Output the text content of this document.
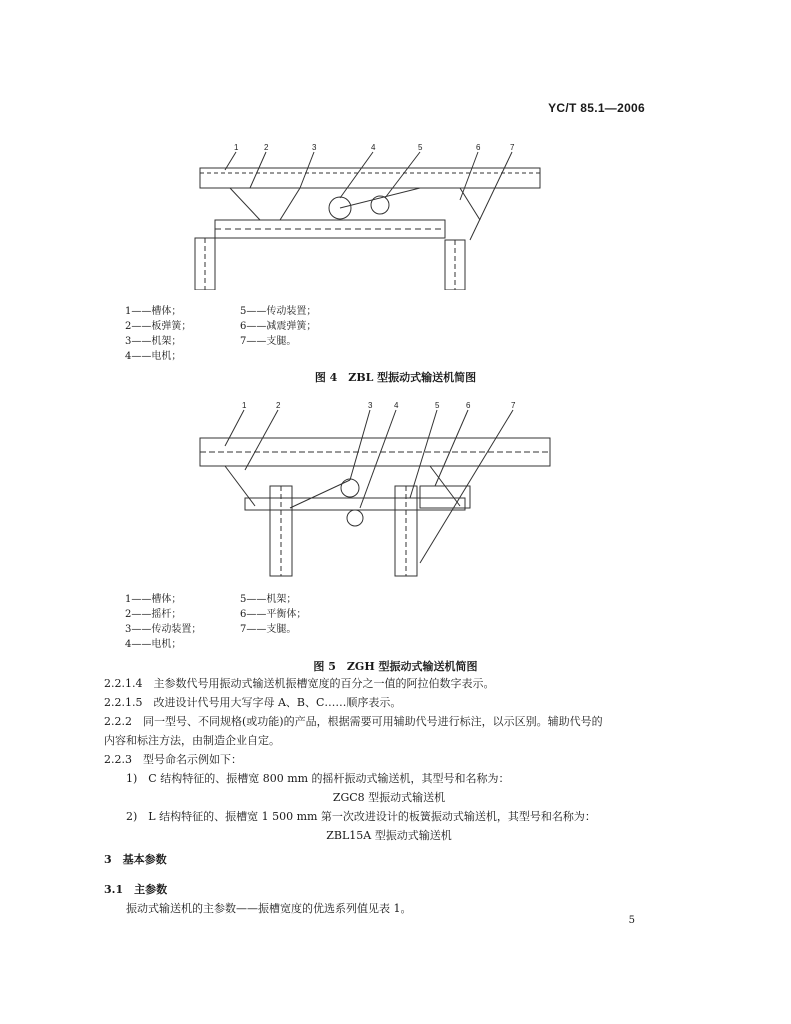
YC/T 85.1—2006
1	2	3	4	5	6	7
1——槽体；	5——传动装置；
2——板弹簧；	6——减震弹簧；
3——机架；	7——支腿。
4——电机；
图 4　ZBL 型振动式输送机简图
1	2	3	4	5	6	7
1——槽体；	5——机架；
2——摇杆；	6——平衡体；
3——传动装置；	7——支腿。
4——电机；
图 5　ZGH 型振动式输送机简图
2.2.1.4　主参数代号用振动式输送机振槽宽度的百分之一值的阿拉伯数字表示。
2.2.1.5　改进设计代号用大写字母 A、B、C……顺序表示。
2.2.2　同一型号、不同规格(或功能)的产品，根据需要可用辅助代号进行标注，以示区别。辅助代号的
内容和标注方法，由制造企业自定。
2.2.3　型号命名示例如下：
1)　C 结构特征的、振槽宽 800 mm 的摇杆振动式输送机，其型号和名称为：
ZGC8 型振动式输送机
2)　L 结构特征的、振槽宽 1 500 mm 第一次改进设计的板簧振动式输送机，其型号和名称为：
ZBL15A 型振动式输送机
3　基本参数
3.1　主参数
振动式输送机的主参数——振槽宽度的优选系列值见表 1。
5
